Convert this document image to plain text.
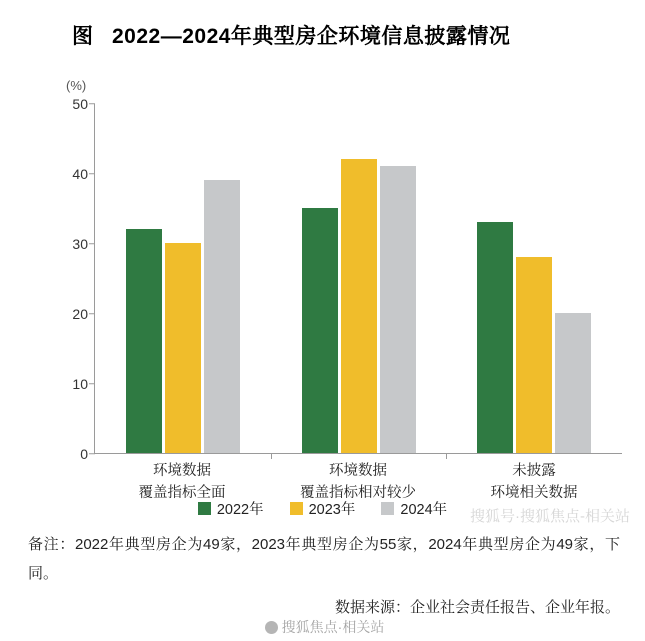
图 2022—2024年典型房企环境信息披露情况
(%)
0
10
20
30
40
50
环境数据
覆盖指标全面
环境数据
覆盖指标相对较少
未披露
环境相关数据
2022年	2023年	2024年
备注：2022年典型房企为49家，2023年典型房企为55家，2024年典型房企为49家，下同。
数据来源：企业社会责任报告、企业年报。
搜狐号·搜狐焦点-相关站
搜狐焦点·相关站
